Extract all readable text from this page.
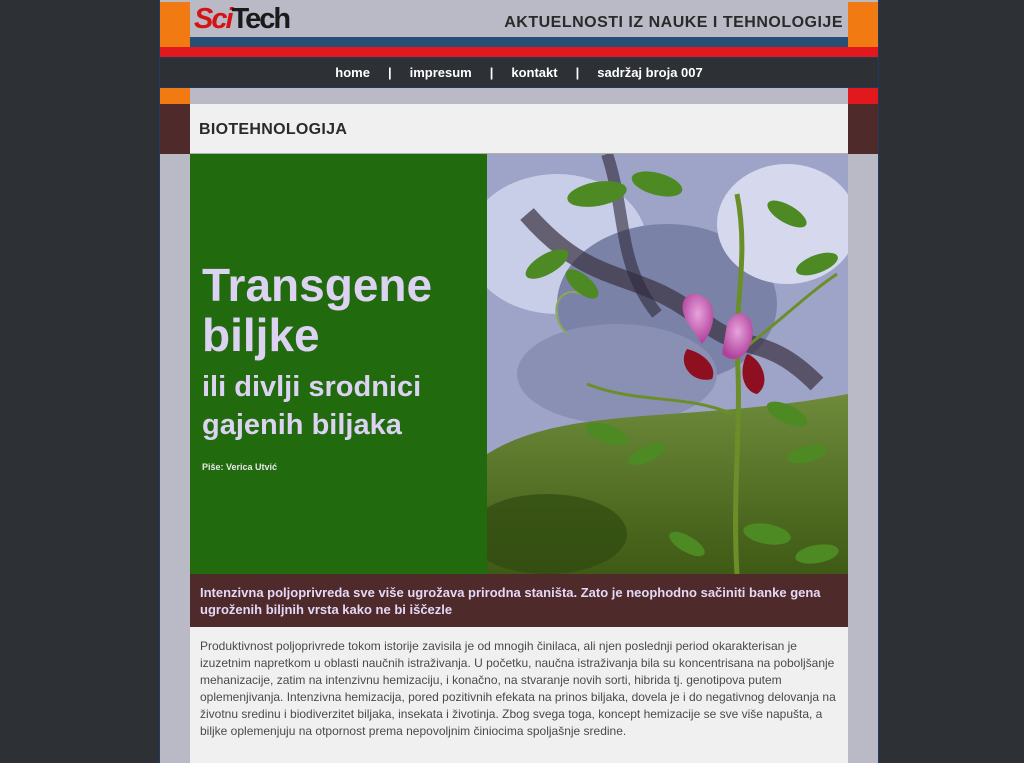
SciTech	AKTUELNOSTI IZ NAUKE I TEHNOLOGIJE
home | impresum | kontakt | sadržaj broja 007
BIOTEHNOLOGIJA
Transgene
biljke
ili divlji srodnici
gajenih biljaka
Piše: Verica Utvić

Intenzivna poljoprivreda sve više ugrožava prirodna staništa. Zato je neophodno sačiniti banke gena ugroženih biljnih vrsta kako ne bi iščezle

Produktivnost poljoprivrede tokom istorije zavisila je od mnogih činilaca, ali njen poslednji period okarakterisan je izuzetnim napretkom u oblasti naučnih istraživanja. U početku, naučna istraživanja bila su koncentrisana na poboljšanje mehanizacije, zatim na intenzivnu hemizaciju, i konačno, na stvaranje novih sorti, hibrida tj. genotipova putem oplemenjivanja. Intenzivna hemizacija, pored pozitivnih efekata na prinos biljaka, dovela je i do negativnog delovanja na životnu sredinu i biodiverzitet biljaka, insekata i životinja. Zbog svega toga, koncept hemizacije se sve više napušta, a biljke oplemenjuju na otpornost prema nepovoljnim činiocima spoljašnje sredine.
